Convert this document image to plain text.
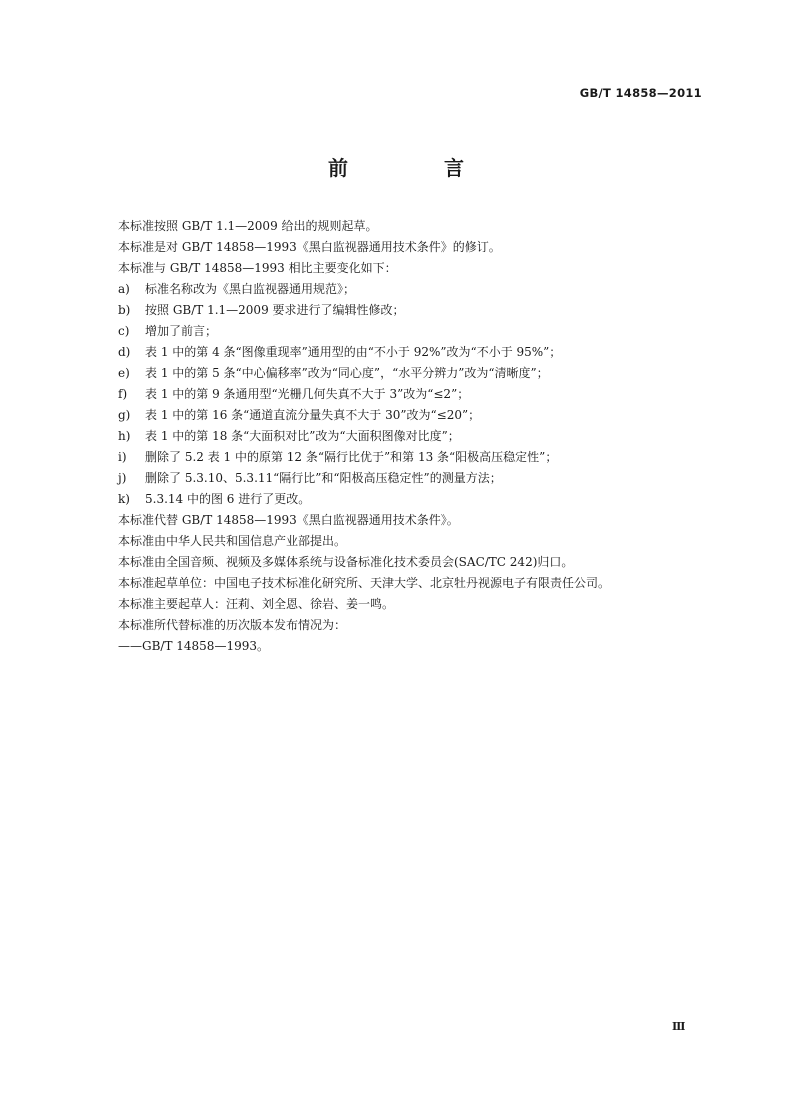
GB/T 14858—2011
前　言
本标准按照 GB/T 1.1—2009 给出的规则起草。
本标准是对 GB/T 14858—1993《黑白监视器通用技术条件》的修订。
本标准与 GB/T 14858—1993 相比主要变化如下：
a)	标准名称改为《黑白监视器通用规范》；
b)	按照 GB/T 1.1—2009 要求进行了编辑性修改；
c)	增加了前言；
d)	表 1 中的第 4 条“图像重现率”通用型的由“不小于 92%”改为“不小于 95%”；
e)	表 1 中的第 5 条“中心偏移率”改为“同心度”，“水平分辨力”改为“清晰度”；
f)	表 1 中的第 9 条通用型“光栅几何失真不大于 3”改为“≤2”；
g)	表 1 中的第 16 条“通道直流分量失真不大于 30”改为“≤20”；
h)	表 1 中的第 18 条“大面积对比”改为“大面积图像对比度”；
i)	删除了 5.2 表 1 中的原第 12 条“隔行比优于”和第 13 条“阳极高压稳定性”；
j)	删除了 5.3.10、5.3.11“隔行比”和“阳极高压稳定性”的测量方法；
k)	5.3.14 中的图 6 进行了更改。
本标准代替 GB/T 14858—1993《黑白监视器通用技术条件》。
本标准由中华人民共和国信息产业部提出。
本标准由全国音频、视频及多媒体系统与设备标准化技术委员会(SAC/TC 242)归口。
本标准起草单位：中国电子技术标准化研究所、天津大学、北京牡丹视源电子有限责任公司。
本标准主要起草人：汪莉、刘全恩、徐岩、姜一鸣。
本标准所代替标准的历次版本发布情况为：
——GB/T 14858—1993。
Ⅲ
